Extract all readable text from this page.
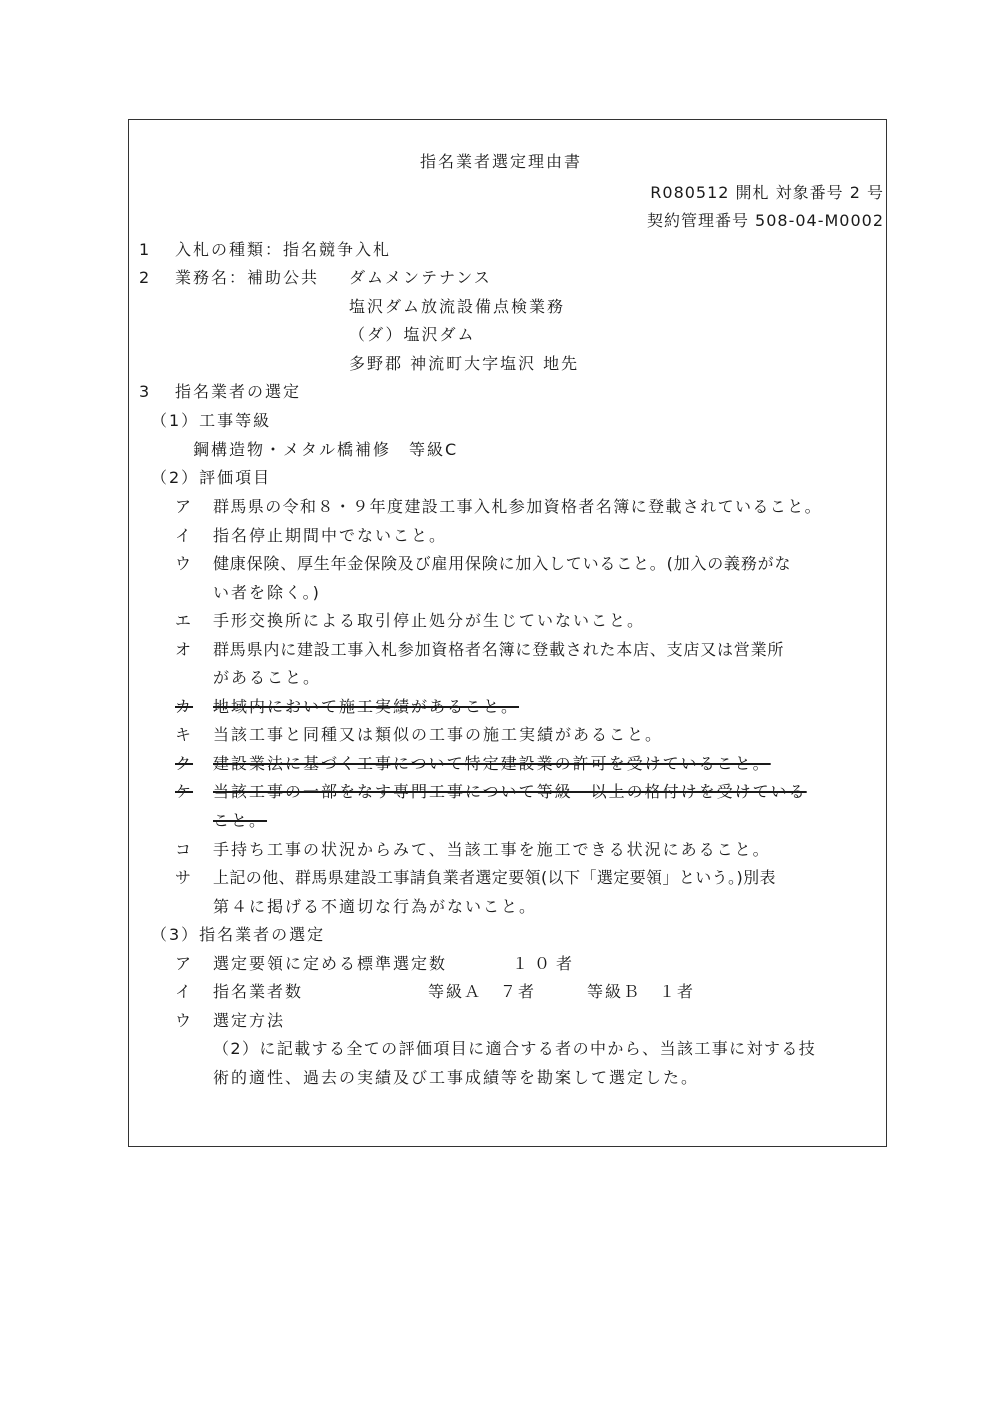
指名業者選定理由書
R080512 開札 対象番号 2 号
契約管理番号 508-04-M0002
1 入札の種類：指名競争入札
2 業務名：補助公共 ダムメンテナンス
塩沢ダム放流設備点検業務
（ダ）塩沢ダム
多野郡 神流町大字塩沢 地先
3 指名業者の選定
（1）工事等級
鋼構造物・メタル橋補修　等級C
（2）評価項目
ア 群馬県の令和８・９年度建設工事入札参加資格者名簿に登載されていること。
イ 指名停止期間中でないこと。
ウ 健康保険、厚生年金保険及び雇用保険に加入していること。(加入の義務がな
い者を除く。)
エ 手形交換所による取引停止処分が生じていないこと。
オ 群馬県内に建設工事入札参加資格者名簿に登載された本店、支店又は営業所
があること。
カ 地域内において施工実績があること。
キ 当該工事と同種又は類似の工事の施工実績があること。
ク 建設業法に基づく工事について特定建設業の許可を受けていること。
ケ 当該工事の一部をなす専門工事について等級　以上の格付けを受けている
こと。
コ 手持ち工事の状況からみて、当該工事を施工できる状況にあること。
サ 上記の他、群馬県建設工事請負業者選定要領(以下「選定要領」という。)別表
第４に掲げる不適切な行為がないこと。
（3）指名業者の選定
ア 選定要領に定める標準選定数	１０者
イ 指名業者数	等級Ａ　７者	等級Ｂ　１者
ウ 選定方法
（2）に記載する全ての評価項目に適合する者の中から、当該工事に対する技
術的適性、過去の実績及び工事成績等を勘案して選定した。
